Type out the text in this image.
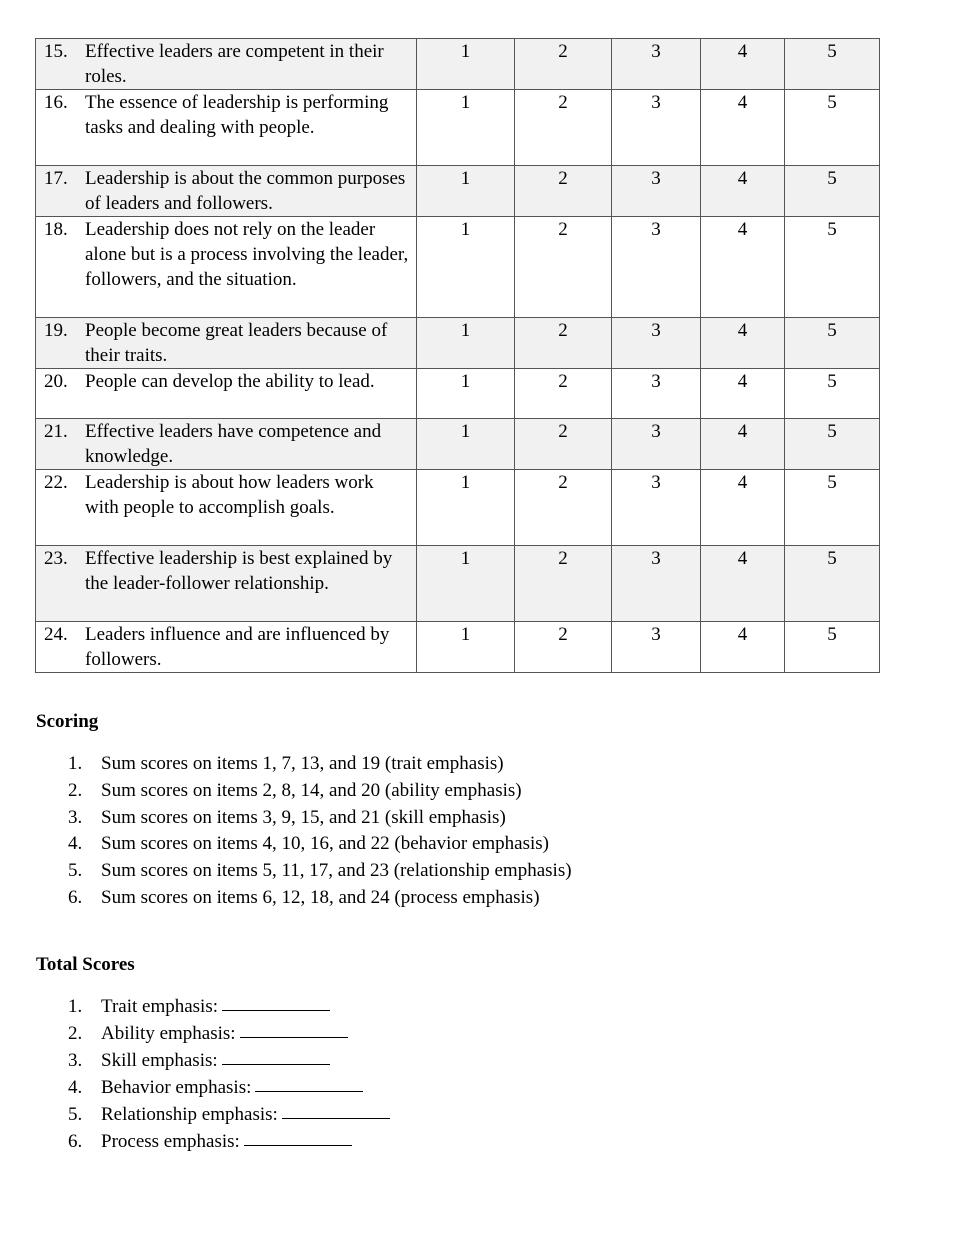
15. Effective leaders are competent in their roles.	1	2	3	4	5

16. The essence of leadership is performing tasks and dealing with people.	1	2	3	4	5

17. Leadership is about the common purposes of leaders and followers.	1	2	3	4	5

18. Leadership does not rely on the leader alone but is a process involving the leader, followers, and the situation.	1	2	3	4	5

19. People become great leaders because of their traits.	1	2	3	4	5

20. People can develop the ability to lead.	1	2	3	4	5

21. Effective leaders have competence and knowledge.	1	2	3	4	5

22. Leadership is about how leaders work with people to accomplish goals.	1	2	3	4	5

23. Effective leadership is best explained by the leader-follower relationship.	1	2	3	4	5

24. Leaders influence and are influenced by followers.	1	2	3	4	5
Scoring
1. Sum scores on items 1, 7, 13, and 19 (trait emphasis)
2. Sum scores on items 2, 8, 14, and 20 (ability emphasis)
3. Sum scores on items 3, 9, 15, and 21 (skill emphasis)
4. Sum scores on items 4, 10, 16, and 22 (behavior emphasis)
5. Sum scores on items 5, 11, 17, and 23 (relationship emphasis)
6. Sum scores on items 6, 12, 18, and 24 (process emphasis)
Total Scores
1. Trait emphasis:
2. Ability emphasis:
3. Skill emphasis:
4. Behavior emphasis:
5. Relationship emphasis:
6. Process emphasis:
